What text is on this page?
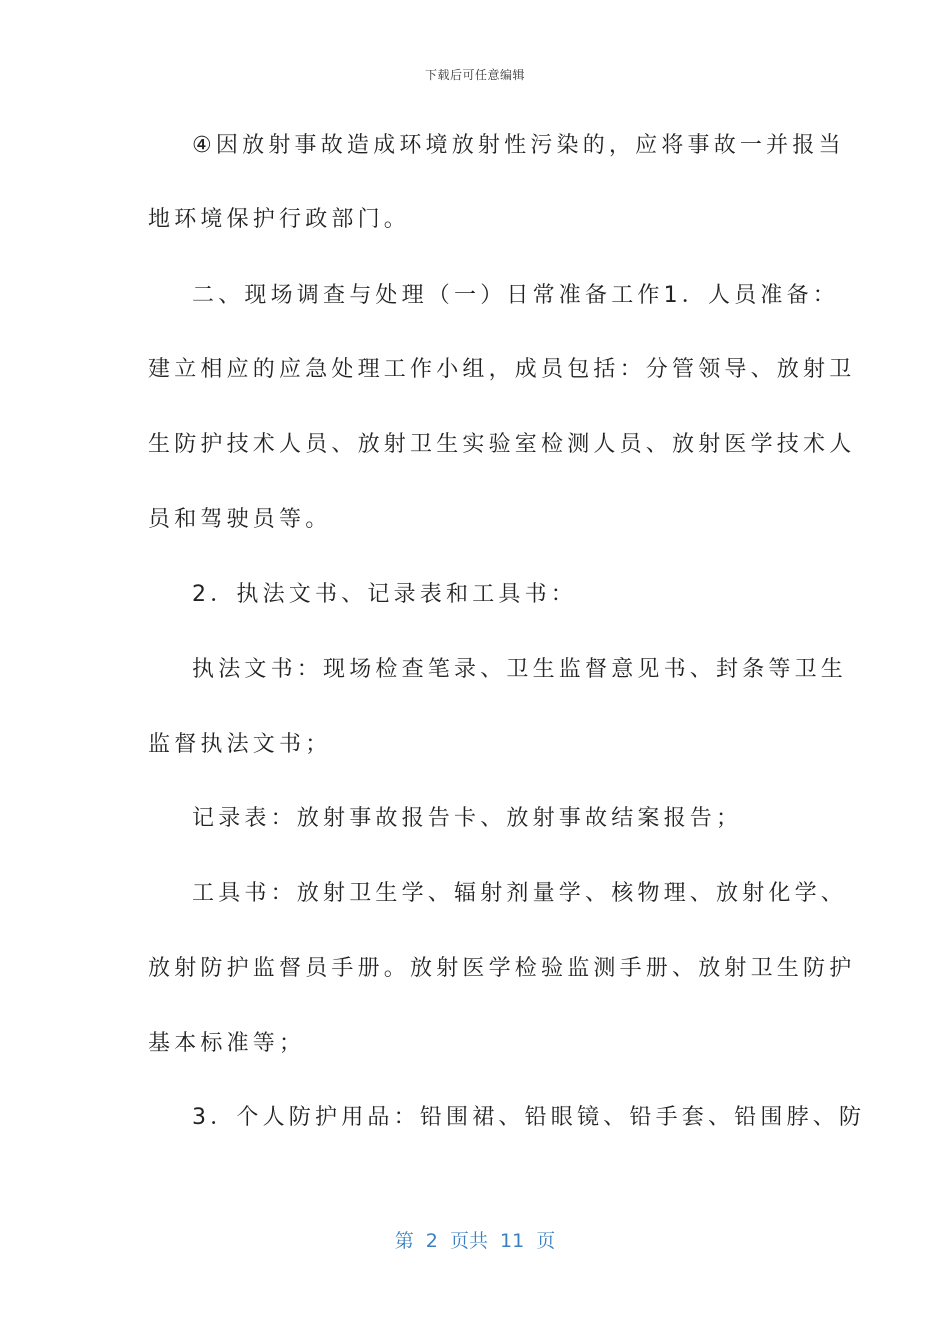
下载后可任意编辑
④因放射事故造成环境放射性污染的，应将事故一并报当
地环境保护行政部门。
二、现场调查与处理（一）日常准备工作1．人员准备：
建立相应的应急处理工作小组，成员包括：分管领导、放射卫
生防护技术人员、放射卫生实验室检测人员、放射医学技术人
员和驾驶员等。
2．执法文书、记录表和工具书：
执法文书：现场检查笔录、卫生监督意见书、封条等卫生
监督执法文书；
记录表：放射事故报告卡、放射事故结案报告；
工具书：放射卫生学、辐射剂量学、核物理、放射化学、
放射防护监督员手册。放射医学检验监测手册、放射卫生防护
基本标准等；
3．个人防护用品：铅围裙、铅眼镜、铅手套、铅围脖、防
第  2  页共  11  页
